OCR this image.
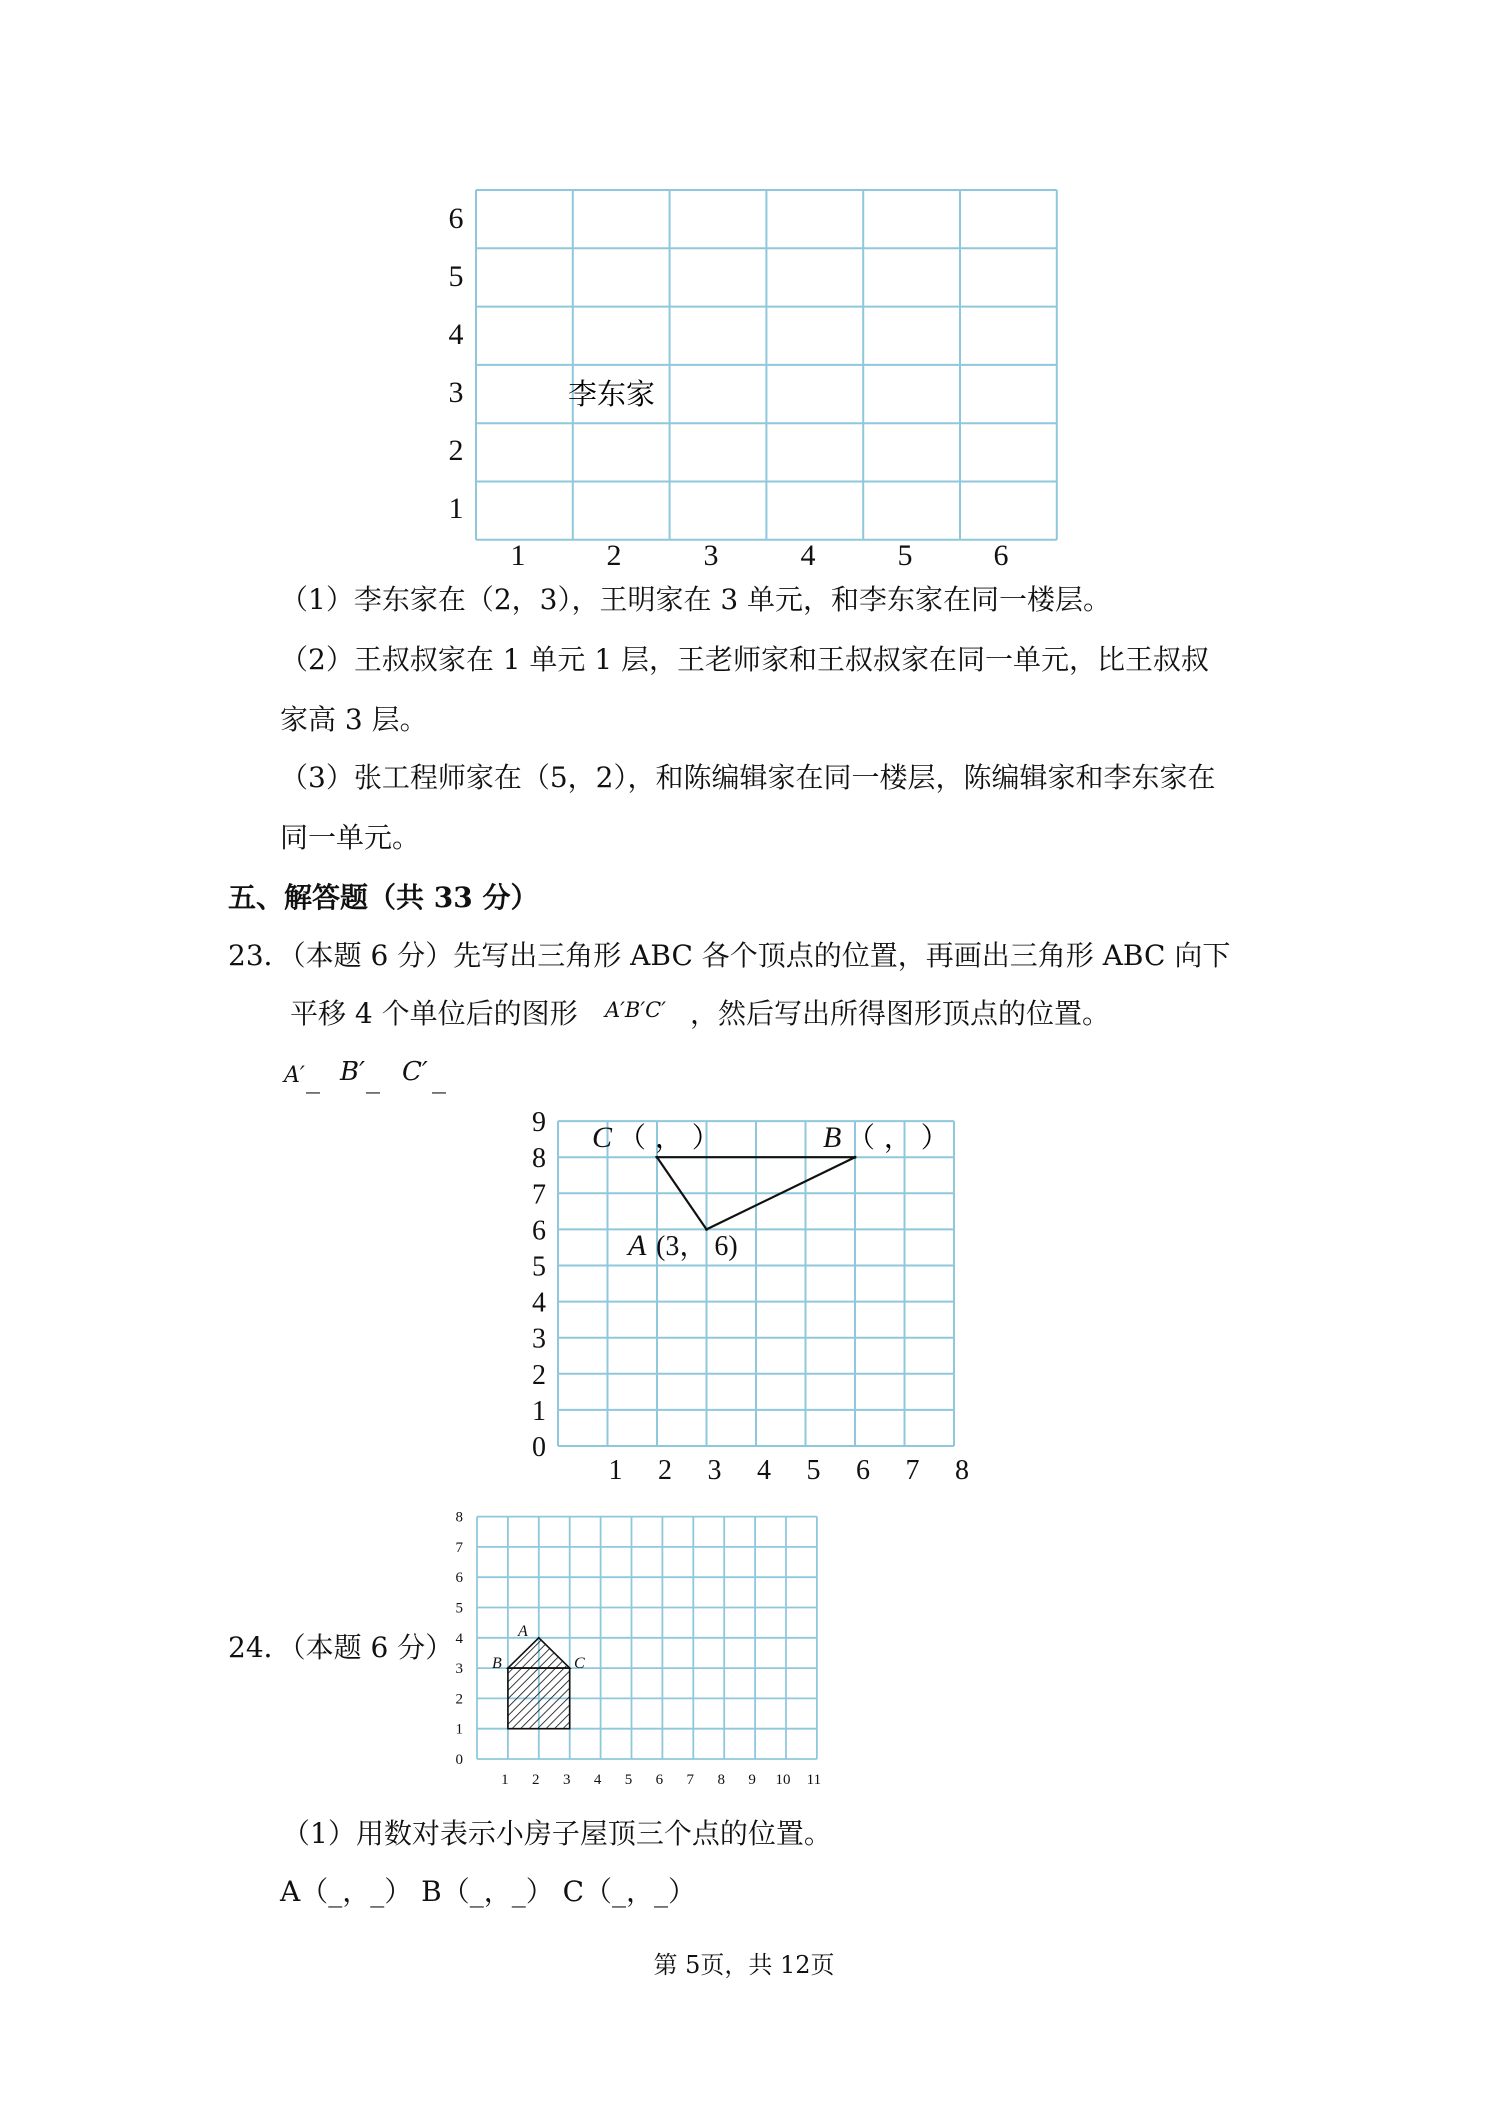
6
5
4
3
2
1
1	2	3	4	5	6
李东家
（1）李东家在（2，3），王明家在 3 单元，和李东家在同一楼层。
（2）王叔叔家在 1 单元 1 层，王老师家和王叔叔家在同一单元，比王叔叔
家高 3 层。
（3）张工程师家在（5，2），和陈编辑家在同一楼层，陈编辑家和李东家在
同一单元。
五、解答题（共 33 分）
23．（本题 6 分）先写出三角形 ABC 各个顶点的位置，再画出三角形 ABC 向下
平移 4 个单位后的图形 A′B′C′ ，然后写出所得图形顶点的位置。
A′ _ B′ _ C′ _
0
1
2
3
4
5
6
7
8
9
1 2 3 4 5 6 7 8
C （ ， ）	B （ ， ）
A (3， 6)
24．（本题 6 分）
0
1
2
3
4
5
6
7
8
1 2 3 4 5 6 7 8 9 10 11
A
B	C
（1）用数对表示小房子屋顶三个点的位置。
A（_，_） B（_，_） C（_，_）
第 5页，共 12页
